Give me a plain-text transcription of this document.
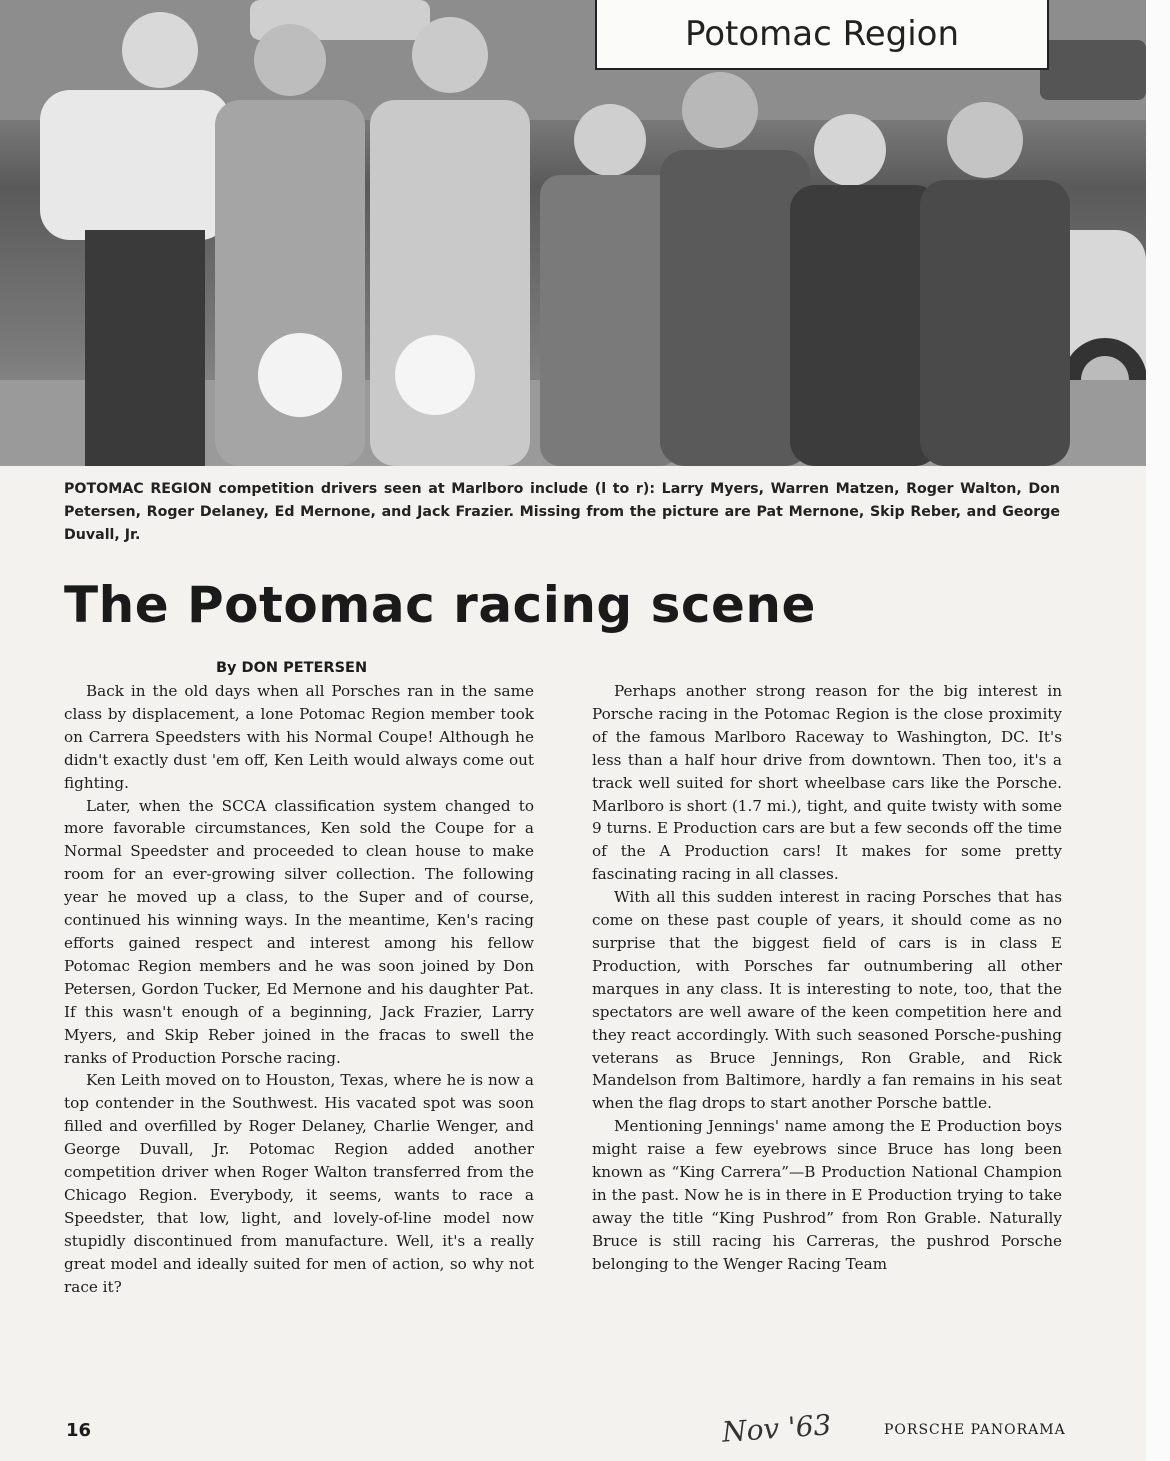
Potomac Region
POTOMAC REGION competition drivers seen at Marlboro include (l to r): Larry Myers, Warren Matzen, Roger Walton, Don Petersen, Roger Delaney, Ed Mernone, and Jack Frazier. Missing from the picture are Pat Mernone, Skip Reber, and George Duvall, Jr.
The Potomac racing scene
By DON PETERSEN

Back in the old days when all Porsches ran in the same class by displacement, a lone Potomac Region member took on Carrera Speedsters with his Normal Coupe! Although he didn't exactly dust 'em off, Ken Leith would always come out fighting.

Later, when the SCCA classification system changed to more favorable circumstances, Ken sold the Coupe for a Normal Speedster and proceeded to clean house to make room for an ever-growing silver collection. The following year he moved up a class, to the Super and of course, continued his winning ways. In the meantime, Ken's racing efforts gained respect and interest among his fellow Potomac Region members and he was soon joined by Don Petersen, Gordon Tucker, Ed Mernone and his daughter Pat. If this wasn't enough of a beginning, Jack Frazier, Larry Myers, and Skip Reber joined in the fracas to swell the ranks of Production Porsche racing.

Ken Leith moved on to Houston, Texas, where he is now a top contender in the Southwest. His vacated spot was soon filled and overfilled by Roger Delaney, Charlie Wenger, and George Duvall, Jr. Potomac Region added another competition driver when Roger Walton transferred from the Chicago Region. Everybody, it seems, wants to race a Speedster, that low, light, and lovely-of-line model now stupidly discontinued from manufacture. Well, it's a really great model and ideally suited for men of action, so why not race it?

Perhaps another strong reason for the big interest in Porsche racing in the Potomac Region is the close proximity of the famous Marlboro Raceway to Washington, DC. It's less than a half hour drive from downtown. Then too, it's a track well suited for short wheelbase cars like the Porsche. Marlboro is short (1.7 mi.), tight, and quite twisty with some 9 turns. E Production cars are but a few seconds off the time of the A Production cars! It makes for some pretty fascinating racing in all classes.

With all this sudden interest in racing Porsches that has come on these past couple of years, it should come as no surprise that the biggest field of cars is in class E Production, with Porsches far outnumbering all other marques in any class. It is interesting to note, too, that the spectators are well aware of the keen competition here and they react accordingly. With such seasoned Porsche-pushing veterans as Bruce Jennings, Ron Grable, and Rick Mandelson from Baltimore, hardly a fan remains in his seat when the flag drops to start another Porsche battle.

Mentioning Jennings' name among the E Production boys might raise a few eyebrows since Bruce has long been known as “King Carrera”—B Production National Champion in the past. Now he is in there in E Production trying to take away the title “King Pushrod” from Ron Grable. Naturally Bruce is still racing his Carreras, the pushrod Porsche belonging to the Wenger Racing Team

16	Nov '63	PORSCHE PANORAMA
